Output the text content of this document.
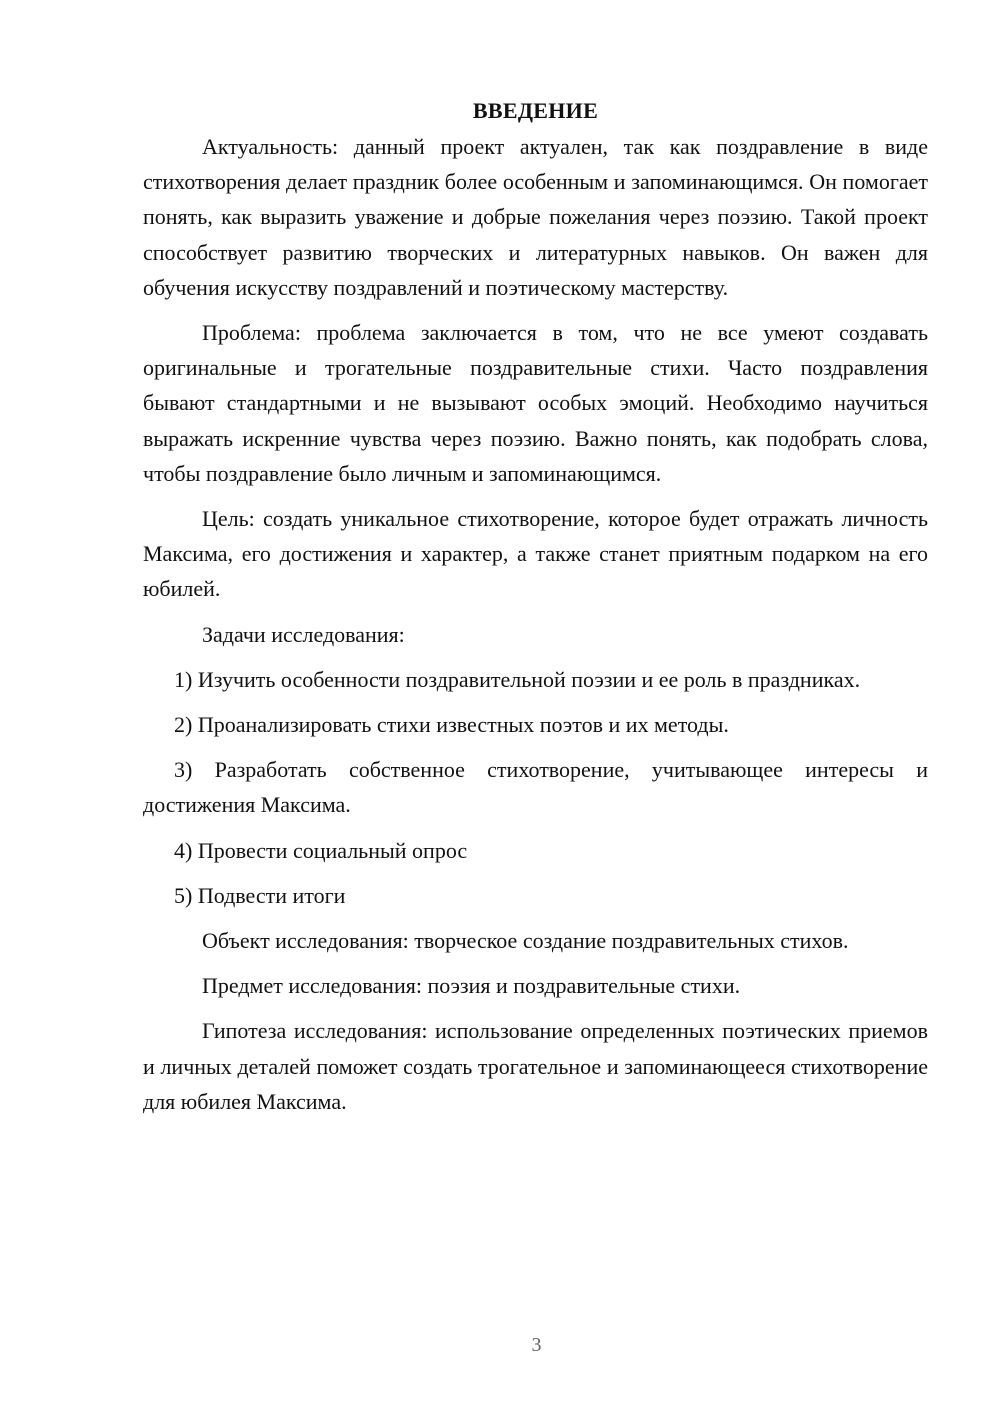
ВВЕДЕНИЕ

Актуальность: данный проект актуален, так как поздравление в виде стихотворения делает праздник более особенным и запоминающимся. Он помогает понять, как выразить уважение и добрые пожелания через поэзию. Такой проект способствует развитию творческих и литературных навыков. Он важен для обучения искусству поздравлений и поэтическому мастерству.

Проблема: проблема заключается в том, что не все умеют создавать оригинальные и трогательные поздравительные стихи. Часто поздравления бывают стандартными и не вызывают особых эмоций. Необходимо научиться выражать искренние чувства через поэзию. Важно понять, как подобрать слова, чтобы поздравление было личным и запоминающимся.

Цель: создать уникальное стихотворение, которое будет отражать личность Максима, его достижения и характер, а также станет приятным подарком на его юбилей.

Задачи исследования:

1) Изучить особенности поздравительной поэзии и ее роль в праздниках.

2) Проанализировать стихи известных поэтов и их методы.

3) Разработать собственное стихотворение, учитывающее интересы и достижения Максима.

4) Провести социальный опрос

5) Подвести итоги

Объект исследования: творческое создание поздравительных стихов.

Предмет исследования: поэзия и поздравительные стихи.

Гипотеза исследования: использование определенных поэтических приемов и личных деталей поможет создать трогательное и запоминающееся стихотворение для юбилея Максима.

3
